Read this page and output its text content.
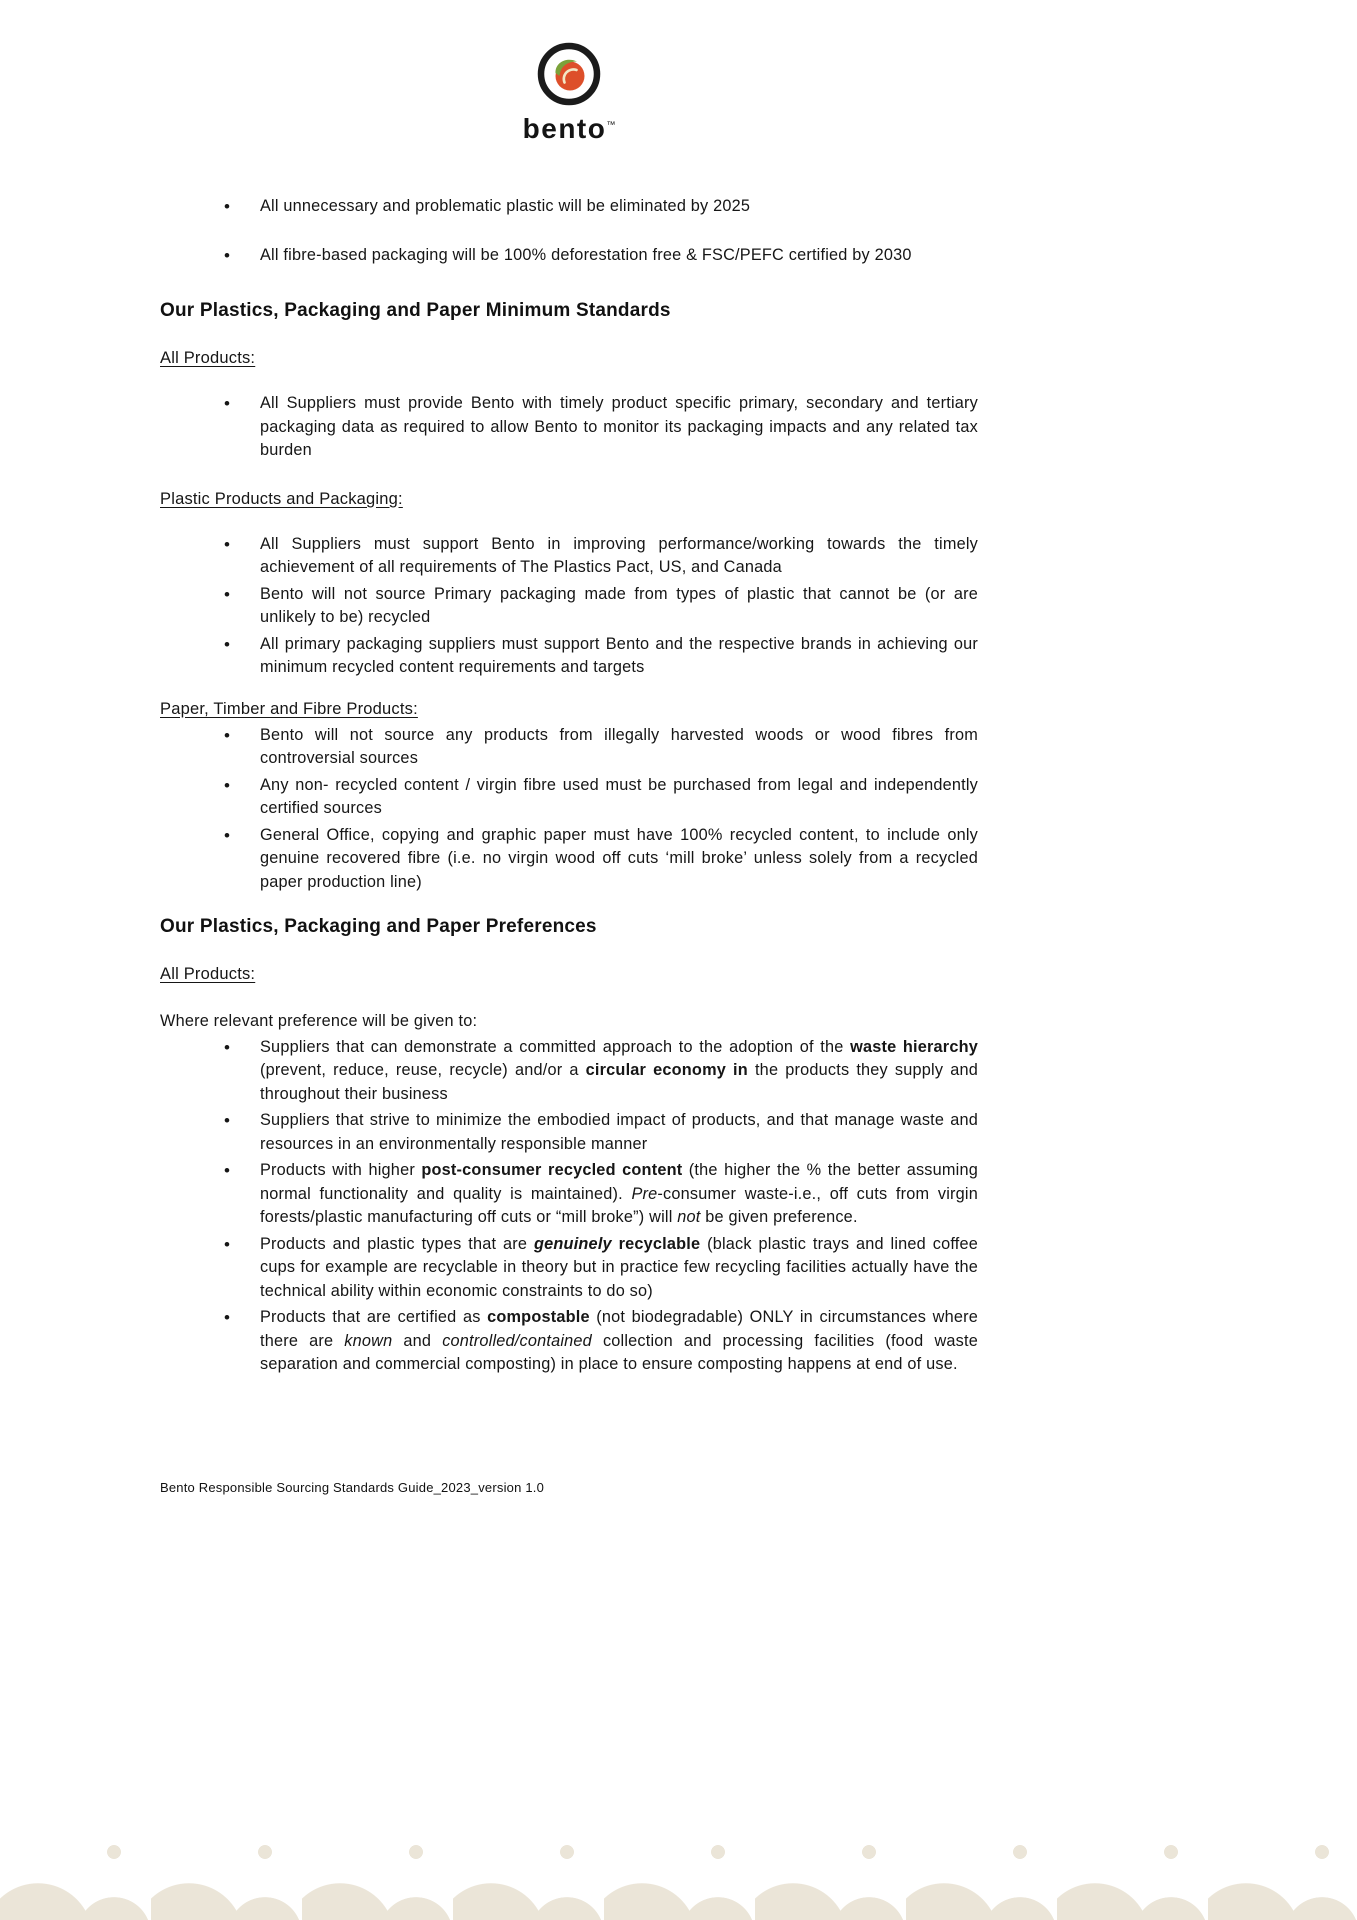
bento™
• All unnecessary and problematic plastic will be eliminated by 2025
• All fibre-based packaging will be 100% deforestation free & FSC/PEFC certified by 2030
Our Plastics, Packaging and Paper Minimum Standards
All Products:
• All Suppliers must provide Bento with timely product specific primary, secondary and tertiary packaging data as required to allow Bento to monitor its packaging impacts and any related tax burden
Plastic Products and Packaging:
• All Suppliers must support Bento in improving performance/working towards the timely achievement of all requirements of The Plastics Pact, US, and Canada
• Bento will not source Primary packaging made from types of plastic that cannot be (or are unlikely to be) recycled
• All primary packaging suppliers must support Bento and the respective brands in achieving our minimum recycled content requirements and targets
Paper, Timber and Fibre Products:
• Bento will not source any products from illegally harvested woods or wood fibres from controversial sources
• Any non- recycled content / virgin fibre used must be purchased from legal and independently certified sources
• General Office, copying and graphic paper must have 100% recycled content, to include only genuine recovered fibre (i.e. no virgin wood off cuts ‘mill broke’ unless solely from a recycled paper production line)
Our Plastics, Packaging and Paper Preferences
All Products:

Where relevant preference will be given to:

• Suppliers that can demonstrate a committed approach to the adoption of the waste hierarchy (prevent, reduce, reuse, recycle) and/or a circular economy in the products they supply and throughout their business
• Suppliers that strive to minimize the embodied impact of products, and that manage waste and resources in an environmentally responsible manner
• Products with higher post-consumer recycled content (the higher the % the better assuming normal functionality and quality is maintained). Pre-consumer waste-i.e., off cuts from virgin forests/plastic manufacturing off cuts or “mill broke”) will not be given preference.
• Products and plastic types that are genuinely recyclable (black plastic trays and lined coffee cups for example are recyclable in theory but in practice few recycling facilities actually have the technical ability within economic constraints to do so)
• Products that are certified as compostable (not biodegradable) ONLY in circumstances where there are known and controlled/contained collection and processing facilities (food waste separation and commercial composting) in place to ensure composting happens at end of use.
Bento Responsible Sourcing Standards Guide_2023_version 1.0
